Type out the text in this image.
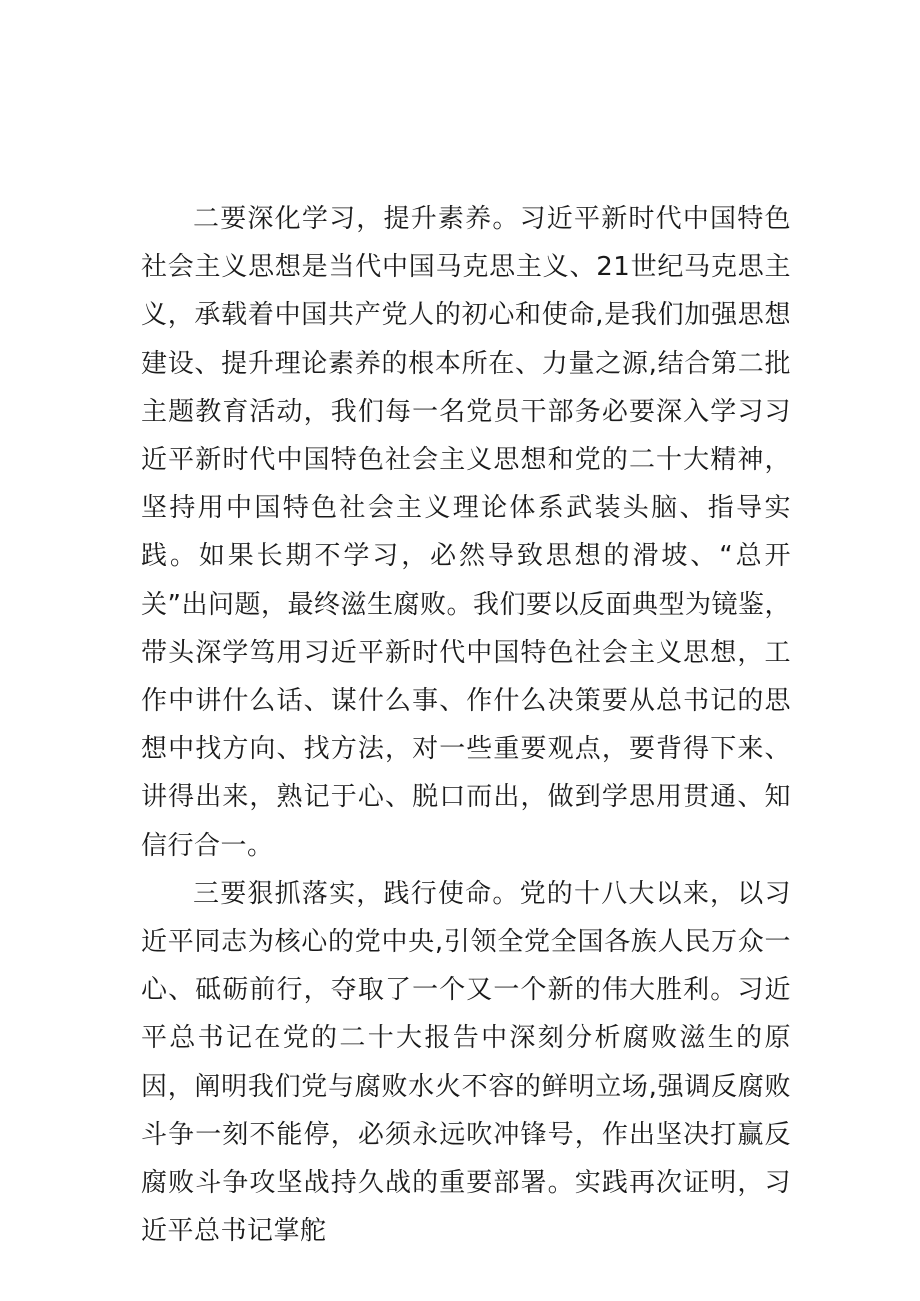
二要深化学习，提升素养。习近平新时代中国特色社会主义思想是当代中国马克思主义、21世纪马克思主义，承载着中国共产党人的初心和使命,是我们加强思想建设、提升理论素养的根本所在、力量之源,结合第二批主题教育活动，我们每一名党员干部务必要深入学习习近平新时代中国特色社会主义思想和党的二十大精神，坚持用中国特色社会主义理论体系武装头脑、指导实践。如果长期不学习，必然导致思想的滑坡、“总开关”出问题，最终滋生腐败。我们要以反面典型为镜鉴，带头深学笃用习近平新时代中国特色社会主义思想，工作中讲什么话、谋什么事、作什么决策要从总书记的思想中找方向、找方法，对一些重要观点，要背得下来、讲得出来，熟记于心、脱口而出，做到学思用贯通、知信行合一。

三要狠抓落实，践行使命。党的十八大以来，以习近平同志为核心的党中央,引领全党全国各族人民万众一心、砥砺前行，夺取了一个又一个新的伟大胜利。习近平总书记在党的二十大报告中深刻分析腐败滋生的原因，阐明我们党与腐败水火不容的鲜明立场,强调反腐败斗争一刻不能停，必须永远吹冲锋号，作出坚决打赢反腐败斗争攻坚战持久战的重要部署。实践再次证明，习近平总书记掌舵
